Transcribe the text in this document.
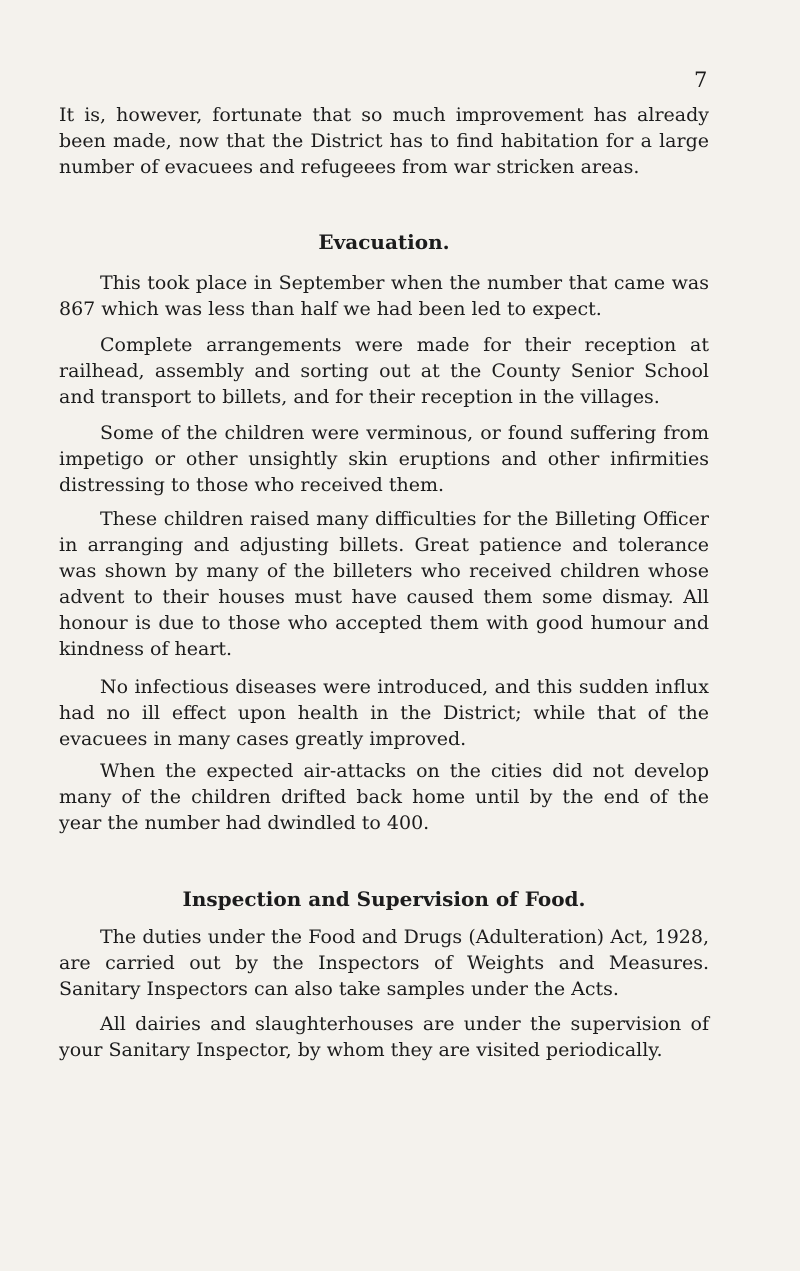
7

It is, however, fortunate that so much improvement has already been made, now that the District has to find habitation for a large number of evacuees and refugeees from war stricken areas.

Evacuation.

This took place in September when the number that came was 867 which was less than half we had been led to expect.

Complete arrangements were made for their reception at railhead, assembly and sorting out at the County Senior School and transport to billets, and for their reception in the villages.

Some of the children were verminous, or found suffering from impetigo or other unsightly skin eruptions and other infirmities distressing to those who received them.

These children raised many difficulties for the Billeting Officer in arranging and adjusting billets. Great patience and tolerance was shown by many of the billeters who received children whose advent to their houses must have caused them some dismay. All honour is due to those who accepted them with good humour and kindness of heart.

No infectious diseases were introduced, and this sudden influx had no ill effect upon health in the District; while that of the evacuees in many cases greatly improved.

When the expected air-attacks on the cities did not develop many of the children drifted back home until by the end of the year the number had dwindled to 400.

Inspection and Supervision of Food.

The duties under the Food and Drugs (Adulteration) Act, 1928, are carried out by the Inspectors of Weights and Measures. Sanitary Inspectors can also take samples under the Acts.

All dairies and slaughterhouses are under the supervision of your Sanitary Inspector, by whom they are visited periodically.
